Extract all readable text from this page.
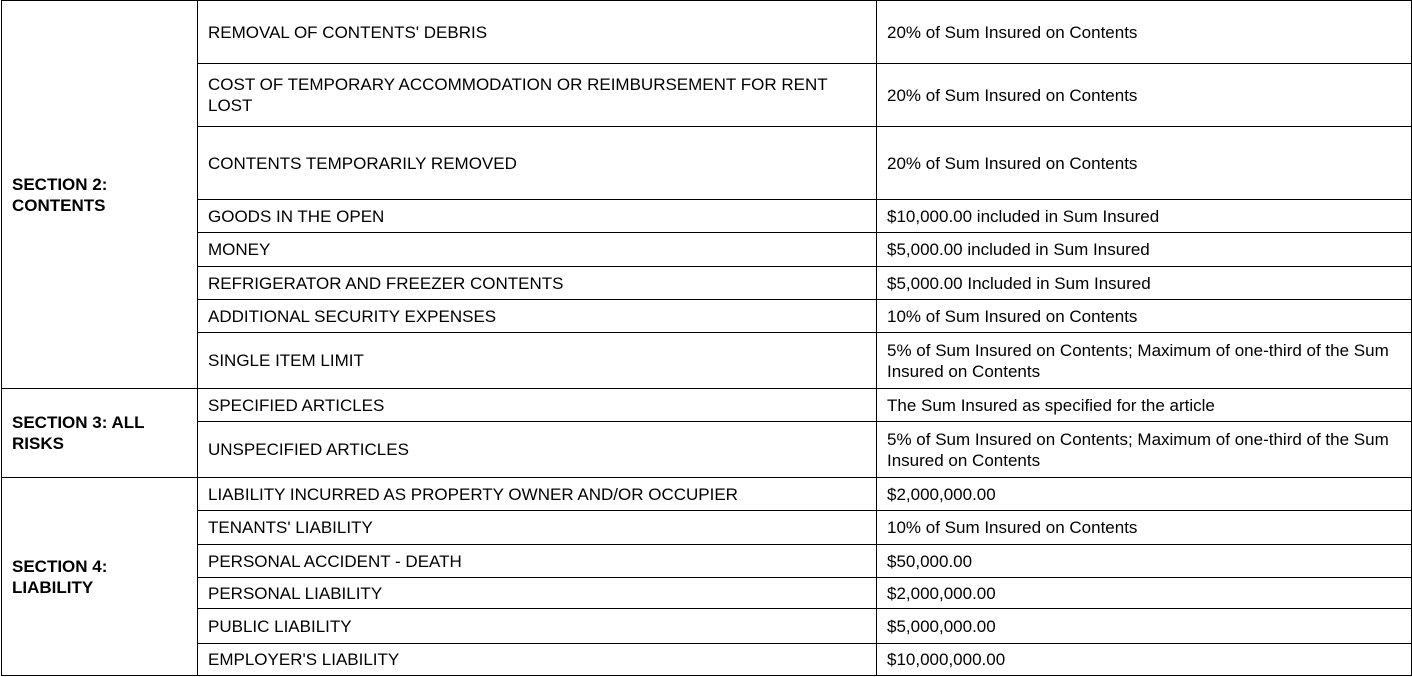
SECTION 2: CONTENTS	REMOVAL OF CONTENTS' DEBRIS	20% of Sum Insured on Contents
	COST OF TEMPORARY ACCOMMODATION OR REIMBURSEMENT FOR RENT LOST	20% of Sum Insured on Contents
	CONTENTS TEMPORARILY REMOVED	20% of Sum Insured on Contents
	GOODS IN THE OPEN	$10,000.00 included in Sum Insured
	MONEY	$5,000.00 included in Sum Insured
	REFRIGERATOR AND FREEZER CONTENTS	$5,000.00 Included in Sum Insured
	ADDITIONAL SECURITY EXPENSES	10% of Sum Insured on Contents
	SINGLE ITEM LIMIT	5% of Sum Insured on Contents; Maximum of one-third of the Sum Insured on Contents
SECTION 3: ALL RISKS	SPECIFIED ARTICLES	The Sum Insured as specified for the article
	UNSPECIFIED ARTICLES	5% of Sum Insured on Contents; Maximum of one-third of the Sum Insured on Contents
SECTION 4: LIABILITY	LIABILITY INCURRED AS PROPERTY OWNER AND/OR OCCUPIER	$2,000,000.00
	TENANTS' LIABILITY	10% of Sum Insured on Contents
	PERSONAL ACCIDENT - DEATH	$50,000.00
	PERSONAL LIABILITY	$2,000,000.00
	PUBLIC LIABILITY	$5,000,000.00
	EMPLOYER'S LIABILITY	$10,000,000.00
